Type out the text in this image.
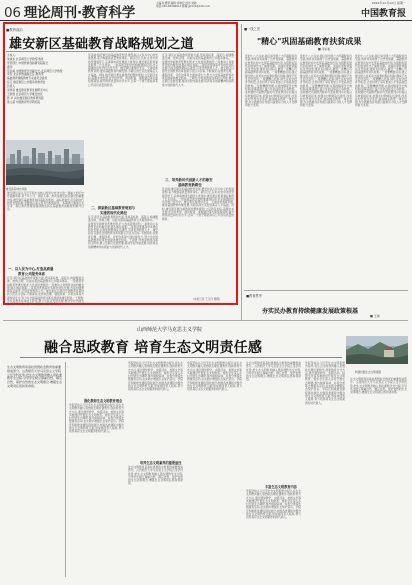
06 理论周刊·教育科学
主编:杜德骅 编辑:司晓宏 校对:刘晓
电话:010-82296613 邮箱:jykxzk@126.com
2022年12月12日 星期一
中国教育报
■教育前沿
雄安新区基础教育战略规划之道
主持人:
朱旭东 北京师范大学教授,教育
学部部长,中国教育创新研究院院长
嘉宾:
苏洪雨 中国教育学会副会长,北京师范大学教授
李奕 北京市教委副主任,教育部
基础教育课程教材专家委员会委员
任宝 雄安新区公共服务局教育处
负责人
李翠泉 雄安新区教育发展研究中心
王新胜 北京师范大学雄安校区
陈 华 河北雄安新区教育研究院
蔡立超 中国教育科学研究院
雄安新区城市风貌
雄安新区是以习近平同志为核心的党中央作出的一项重大的历史性战略选择,是千年大计、国家大事。教育是雄安新区建设的重要内容,雄安新区基础教育如何高起点规划、高标准建设,打造新时代教育发展高地,需要我们深入思考与积极探索。本期我们邀请专家学者、新区教育管理者围绕雄安新区基础教育战略规划展开讨论。
一、以人民为中心,打造高质量
教育公共服务体系
任宝:新区在基础教育规划方面,坚持高标准、高起点,构建覆盖全域、结构合理、功能完善的基础教育公共服务体系。一是推进学前教育普惠发展,扩大优质资源供给;二是推动义务教育优质均衡发展,缩小城乡差距;三是促进普通高中多样化特色发展;四是加强教师队伍建设,引进优秀教育人才。雄安新区以建设全国教育改革创新示范区为目标,不断探索,在教育治理、课程改革、评价改革等方面持续发力,努力为全国基础教育改革发展提供雄安经验。王新胜:学校是教育改革的主阵地,要立足新区发展需要,推动学校内涵发展,培养具有创新精神和实践能力的新时代人才。
苏洪雨:雄安新区的基础教育发展,要坚持以人民为中心的发展思想,着力构建高质量教育体系。新区设立以来,在党中央的坚强领导下,京津冀协同发展的大背景中,雄安新区教育事业取得了长足进步。一批高质量的学校相继建成投用,北京援建的四所学校已经开学。雄安新区要用好北京、天津优质教育资源,推进基础教育均衡发展,为新区的长远发展奠定人才基础。同时,雄安新区要注重教育的整体规划,立足新区实际,着眼未来发展,在学校布局、师资配备、课程建设等方面统筹谋划,提升教育质量和办学水平,让每一个孩子都能享有公平而有质量的教育。
二、探索新区基础教育规划与
实施的现代化路径
任宝:新区在基础教育规划方面,坚持高标准、高起点,构建覆盖全域、结构合理、功能完善的基础教育公共服务体系。一是推进学前教育普惠发展,扩大优质资源供给;二是推动义务教育优质均衡发展,缩小城乡差距;三是促进普通高中多样化特色发展;四是加强教师队伍建设,引进优秀教育人才。雄安新区以建设全国教育改革创新示范区为目标,不断探索,在教育治理、课程改革、评价改革等方面持续发力,努力为全国基础教育改革发展提供雄安经验。王新胜:学校是教育改革的主阵地,要立足新区发展需要,推动学校内涵发展,培养具有创新精神和实践能力的新时代人才。
任宝:新区在基础教育规划方面,坚持高标准、高起点,构建覆盖全域、结构合理、功能完善的基础教育公共服务体系。一是推进学前教育普惠发展,扩大优质资源供给;二是推动义务教育优质均衡发展,缩小城乡差距;三是促进普通高中多样化特色发展;四是加强教师队伍建设,引进优秀教育人才。雄安新区以建设全国教育改革创新示范区为目标,不断探索,在教育治理、课程改革、评价改革等方面持续发力,努力为全国基础教育改革发展提供雄安经验。王新胜:学校是教育改革的主阵地,要立足新区发展需要,推动学校内涵发展,培养具有创新精神和实践能力的新时代人才。
三、培养新时代创新人才的雄安
基础教育新路径
苏洪雨:雄安新区的基础教育发展,要坚持以人民为中心的发展思想,着力构建高质量教育体系。新区设立以来,在党中央的坚强领导下,京津冀协同发展的大背景中,雄安新区教育事业取得了长足进步。一批高质量的学校相继建成投用,北京援建的四所学校已经开学。雄安新区要用好北京、天津优质教育资源,推进基础教育均衡发展,为新区的长远发展奠定人才基础。同时,雄安新区要注重教育的整体规划,立足新区实际,着眼未来发展,在学校布局、师资配备、课程建设等方面统筹谋划,提升教育质量和办学水平,让每一个孩子都能享有公平而有质量的教育。
(本报记者 王玉玲 整理)
■一线之见
"精心"巩固基础教育扶贫成果
■ 李彩虹
党的十八大以来,我们举全国之力打赢脱贫攻坚战,教育扶贫取得了历史性成就。基础教育在教育扶贫中发挥着基础性作用,为阻断贫困代际传递作出了重要贡献。巩固拓展教育脱贫攻坚成果,推进乡村振兴,要进一步精心巩固基础教育扶贫成果。一是要精准识别,建立健全防止返贫动态监测和帮扶机制,确保不发生因学返贫;二是要精心培育,提升乡村学校办学质量,让农村孩子享有更加公平更高质量的教育;三是要精细管理,完善控辍保学长效机制,保障适龄儿童少年依法接受义务教育。各地要把巩固教育脱贫攻坚成果同乡村振兴有效衔接起来,加强乡村教师队伍建设,改善农村学校办学条件,推动城乡教育一体化发展,为全面推进乡村振兴提供有力的人才支撑和智力支持。
党的十八大以来,我们举全国之力打赢脱贫攻坚战,教育扶贫取得了历史性成就。基础教育在教育扶贫中发挥着基础性作用,为阻断贫困代际传递作出了重要贡献。巩固拓展教育脱贫攻坚成果,推进乡村振兴,要进一步精心巩固基础教育扶贫成果。一是要精准识别,建立健全防止返贫动态监测和帮扶机制,确保不发生因学返贫;二是要精心培育,提升乡村学校办学质量,让农村孩子享有更加公平更高质量的教育;三是要精细管理,完善控辍保学长效机制,保障适龄儿童少年依法接受义务教育。各地要把巩固教育脱贫攻坚成果同乡村振兴有效衔接起来,加强乡村教师队伍建设,改善农村学校办学条件,推动城乡教育一体化发展,为全面推进乡村振兴提供有力的人才支撑和智力支持。
党的十八大以来,我们举全国之力打赢脱贫攻坚战,教育扶贫取得了历史性成就。基础教育在教育扶贫中发挥着基础性作用,为阻断贫困代际传递作出了重要贡献。巩固拓展教育脱贫攻坚成果,推进乡村振兴,要进一步精心巩固基础教育扶贫成果。一是要精准识别,建立健全防止返贫动态监测和帮扶机制,确保不发生因学返贫;二是要精心培育,提升乡村学校办学质量,让农村孩子享有更加公平更高质量的教育;三是要精细管理,完善控辍保学长效机制,保障适龄儿童少年依法接受义务教育。各地要把巩固教育脱贫攻坚成果同乡村振兴有效衔接起来,加强乡村教师队伍建设,改善农村学校办学条件,推动城乡教育一体化发展,为全面推进乡村振兴提供有力的人才支撑和智力支持。
■教育思考
夯实民办教育持续健康发展政策根基
■ 王烽
山西师范大学马克思主义学院
融合思政教育 培育生态文明责任感
构建校园生态文明氛围
生态文明教育是高校思想政治教育的重要组成部分。山西师范大学马克思主义学院立足学科优势,把生态文明教育融入思政课教学全过程,引导学生树立尊重自然、顺应自然、保护自然的生态文明理念,增强生态文明责任感和使命感。
强化教师生态文明教育理念
学院坚持以习近平生态文明思想为指导,将生态文明教育融入思想政治理论课教学,创新教育方式方法,通过课堂教学、实践活动、校园文化等多种途径开展生态文明教育。组织学生深入乡村开展生态调研,参与植树造林、垃圾分类等志愿服务活动,在实践中增强生态保护意识。学院还积极推进课程思政建设,挖掘各类课程中蕴含的生态文明教育元素,形成协同育人格局,努力培养具有生态文明素养的时代新人。
学院坚持以习近平生态文明思想为指导,将生态文明教育融入思想政治理论课教学,创新教育方式方法,通过课堂教学、实践活动、校园文化等多种途径开展生态文明教育。组织学生深入乡村开展生态调研,参与植树造林、垃圾分类等志愿服务活动,在实践中增强生态保护意识。学院还积极推进课程思政建设,挖掘各类课程中蕴含的生态文明教育元素,形成协同育人格局,努力培养具有生态文明素养的时代新人。
培养生态文明素养的重要途径
生态文明教育是高校思想政治教育的重要组成部分。山西师范大学马克思主义学院立足学科优势,把生态文明教育融入思政课教学全过程,引导学生树立尊重自然、顺应自然、保护自然的生态文明理念,增强生态文明责任感和使命感。
学院坚持以习近平生态文明思想为指导,将生态文明教育融入思想政治理论课教学,创新教育方式方法,通过课堂教学、实践活动、校园文化等多种途径开展生态文明教育。组织学生深入乡村开展生态调研,参与植树造林、垃圾分类等志愿服务活动,在实践中增强生态保护意识。学院还积极推进课程思政建设,挖掘各类课程中蕴含的生态文明教育元素,形成协同育人格局,努力培养具有生态文明素养的时代新人。
丰富生态文明教育内容
生态文明教育是高校思想政治教育的重要组成部分。山西师范大学马克思主义学院立足学科优势,把生态文明教育融入思政课教学全过程,引导学生树立尊重自然、顺应自然、保护自然的生态文明理念,增强生态文明责任感和使命感。
学院坚持以习近平生态文明思想为指导,将生态文明教育融入思想政治理论课教学,创新教育方式方法,通过课堂教学、实践活动、校园文化等多种途径开展生态文明教育。组织学生深入乡村开展生态调研,参与植树造林、垃圾分类等志愿服务活动,在实践中增强生态保护意识。学院还积极推进课程思政建设,挖掘各类课程中蕴含的生态文明教育元素,形成协同育人格局,努力培养具有生态文明素养的时代新人。
学院坚持以习近平生态文明思想为指导,将生态文明教育融入思想政治理论课教学,创新教育方式方法,通过课堂教学、实践活动、校园文化等多种途径开展生态文明教育。组织学生深入乡村开展生态调研,参与植树造林、垃圾分类等志愿服务活动,在实践中增强生态保护意识。学院还积极推进课程思政建设,挖掘各类课程中蕴含的生态文明教育元素,形成协同育人格局,努力培养具有生态文明素养的时代新人。
生态文明教育是高校思想政治教育的重要组成部分。山西师范大学马克思主义学院立足学科优势,把生态文明教育融入思政课教学全过程,引导学生树立尊重自然、顺应自然、保护自然的生态文明理念,增强生态文明责任感和使命感。
